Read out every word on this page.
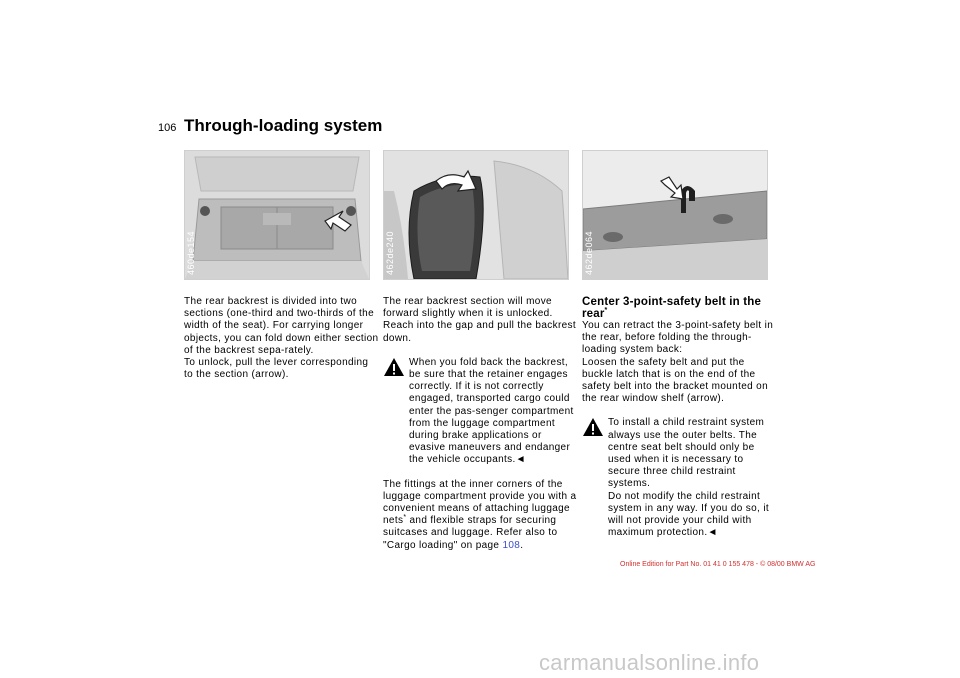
106 Through-loading system
460de154	462de240	462de064

The rear backrest is divided into two sections (one-third and two-thirds of the width of the seat). For carrying longer objects, you can fold down either section of the backrest sepa-rately.

To unlock, pull the lever corresponding to the section (arrow).

The rear backrest section will move forward slightly when it is unlocked. Reach into the gap and pull the backrest down.

When you fold back the backrest, be sure that the retainer engages correctly. If it is not correctly engaged, transported cargo could enter the pas-senger compartment from the luggage compartment during brake applications or evasive maneuvers and endanger the vehicle occupants.◄

The fittings at the inner corners of the luggage compartment provide you with a convenient means of attaching luggage nets* and flexible straps for securing suitcases and luggage. Refer also to "Cargo loading" on page 108.

Center 3-point-safety belt in the rear*

You can retract the 3-point-safety belt in the rear, before folding the through-loading system back:

Loosen the safety belt and put the buckle latch that is on the end of the safety belt into the bracket mounted on the rear window shelf (arrow).

To install a child restraint system always use the outer belts. The centre seat belt should only be used when it is necessary to secure three child restraint systems.

Do not modify the child restraint system in any way. If you do so, it will not provide your child with maximum protection.◄

Online Edition for Part No. 01 41 0 155 478 - © 08/00 BMW AG
carmanualsonline.info
